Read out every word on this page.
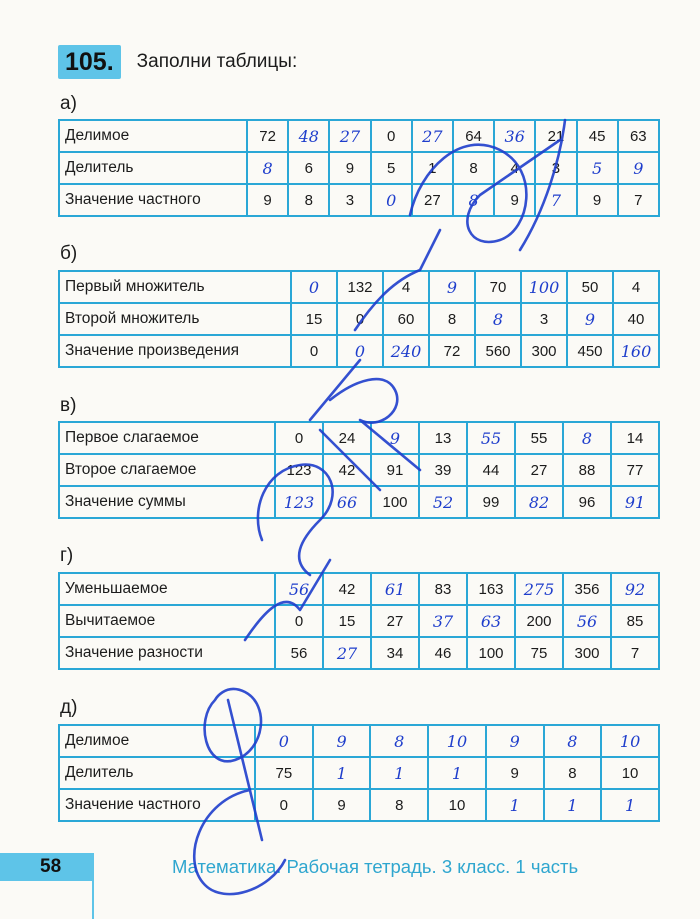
105.	Заполни таблицы:
а)
Делимое	72	48	27	0	27	64	36	21	45	63
Делитель	8	6	9	5	1	8	4	3	5	9
Значение частного	9	8	3	0	27	8	9	7	9	7
б)
Первый множитель	0	132	4	9	70	100	50	4
Второй множитель	15	0	60	8	8	3	9	40
Значение произведения	0	0	240	72	560	300	450	160
в)
Первое слагаемое	0	24	9	13	55	55	8	14
Второе слагаемое	123	42	91	39	44	27	88	77
Значение суммы	123	66	100	52	99	82	96	91
г)
Уменьшаемое	56	42	61	83	163	275	356	92
Вычитаемое	0	15	27	37	63	200	56	85
Значение разности	56	27	34	46	100	75	300	7
д)
Делимое	0	9	8	10	9	8	10
Делитель	75	1	1	1	9	8	10
Значение частного	0	9	8	10	1	1	1
58	Математика. Рабочая тетрадь. 3 класс. 1 часть
